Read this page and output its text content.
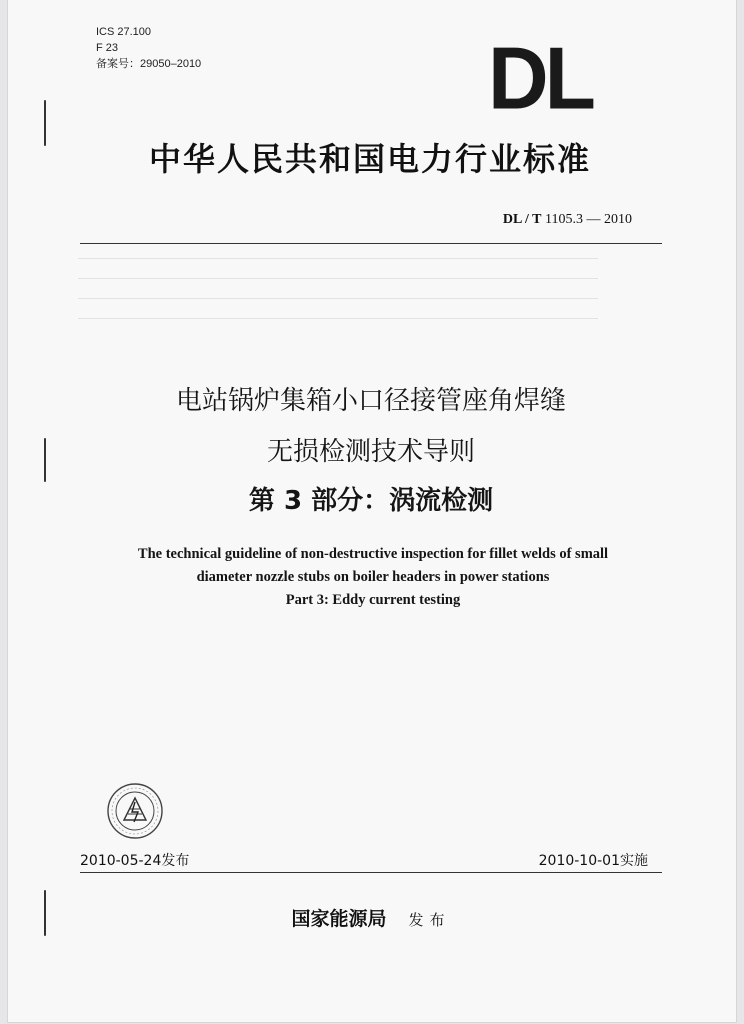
ICS 27.100
F 23
备案号：29050–2010	DL
中华人民共和国电力行业标准
DL / T 1105.3 — 2010
电站锅炉集箱小口径接管座角焊缝
无损检测技术导则
第 3 部分：涡流检测
The technical guideline of non-destructive inspection for fillet welds of small
diameter nozzle stubs on boiler headers in power stations
Part 3: Eddy current testing
2010-05-24发布	2010-10-01实施
国家能源局 发布
